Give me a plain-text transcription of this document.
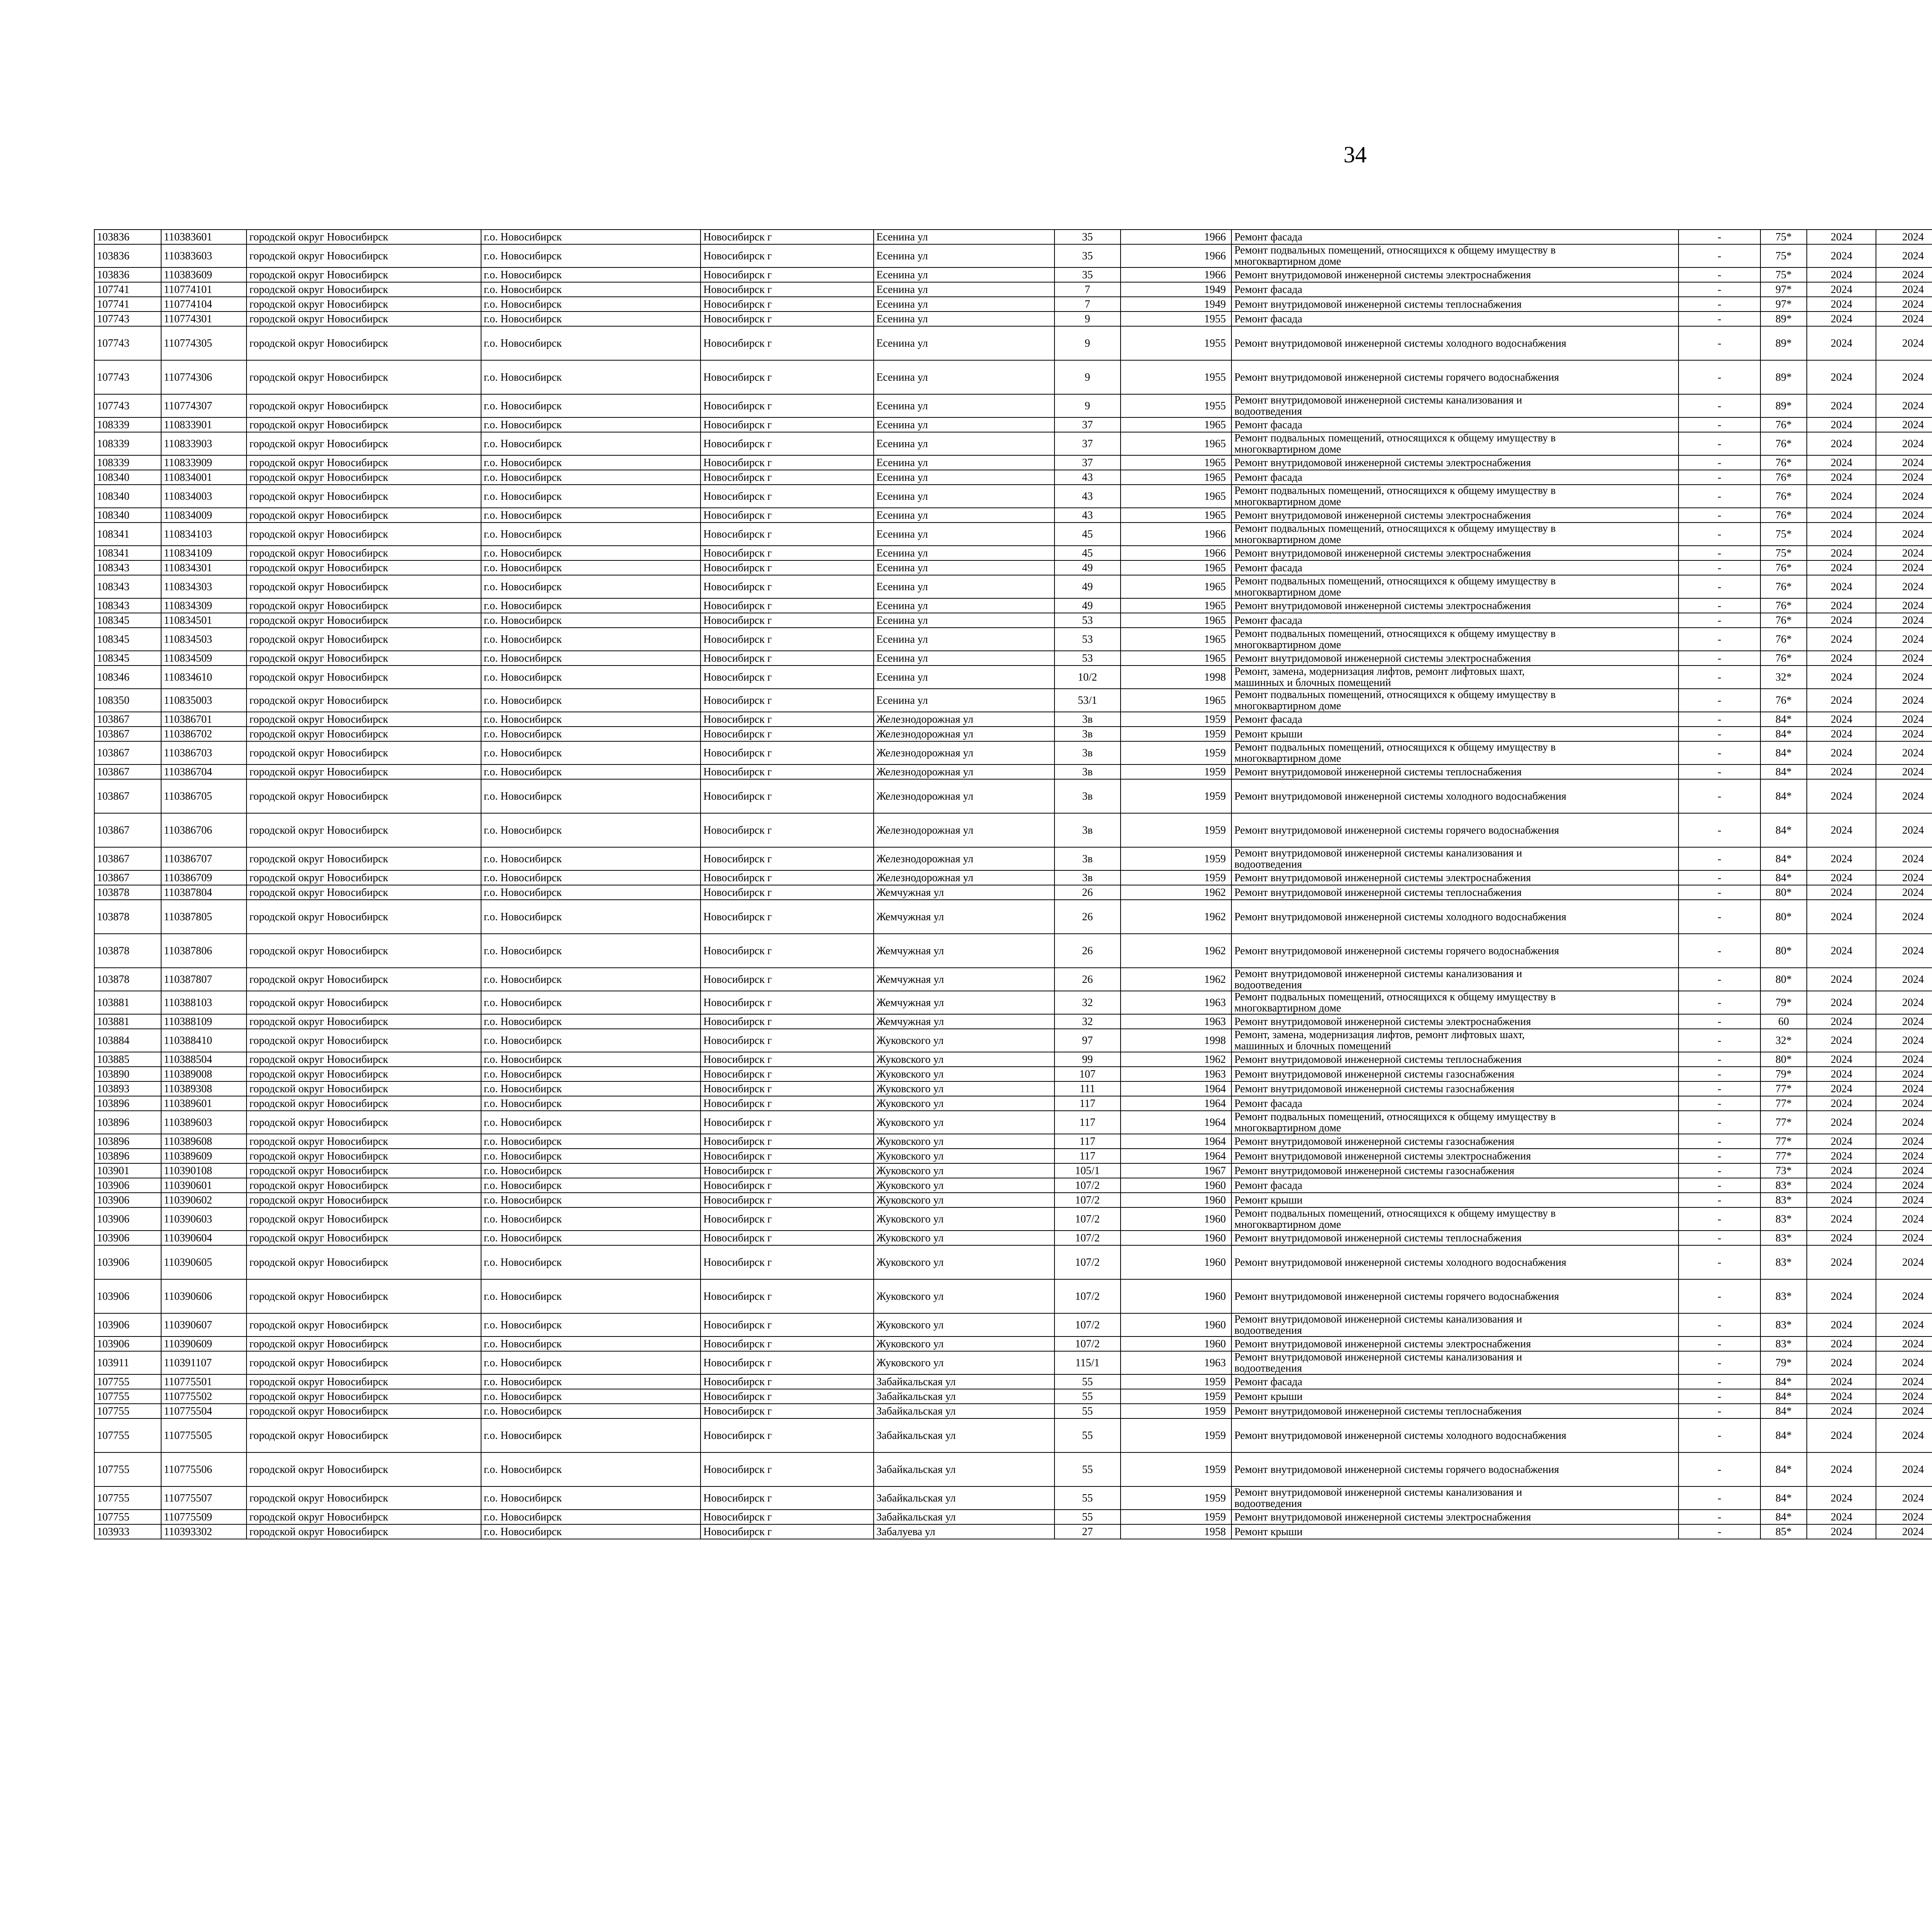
34
103836	110383601	городской округ Новосибирск	г.о. Новосибирск	Новосибирск г	Есенина ул	35	1966	Ремонт фасада	-	75*	2024	2024					
103836	110383603	городской округ Новосибирск	г.о. Новосибирск	Новосибирск г	Есенина ул	35	1966	Ремонт подвальных помещений, относящихся к общему имуществу в
многоквартирном доме	-	75*	2024	2024					
103836	110383609	городской округ Новосибирск	г.о. Новосибирск	Новосибирск г	Есенина ул	35	1966	Ремонт внутридомовой инженерной системы электроснабжения	-	75*	2024	2024					
107741	110774101	городской округ Новосибирск	г.о. Новосибирск	Новосибирск г	Есенина ул	7	1949	Ремонт фасада	-	97*	2024	2024					
107741	110774104	городской округ Новосибирск	г.о. Новосибирск	Новосибирск г	Есенина ул	7	1949	Ремонт внутридомовой инженерной системы теплоснабжения	-	97*	2024	2024					
107743	110774301	городской округ Новосибирск	г.о. Новосибирск	Новосибирск г	Есенина ул	9	1955	Ремонт фасада	-	89*	2024	2024					
107743	110774305	городской округ Новосибирск	г.о. Новосибирск	Новосибирск г	Есенина ул	9	1955	Ремонт внутридомовой инженерной системы холодного водоснабжения	-	89*	2024	2024					
107743	110774306	городской округ Новосибирск	г.о. Новосибирск	Новосибирск г	Есенина ул	9	1955	Ремонт внутридомовой инженерной системы горячего водоснабжения	-	89*	2024	2024					
107743	110774307	городской округ Новосибирск	г.о. Новосибирск	Новосибирск г	Есенина ул	9	1955	Ремонт внутридомовой инженерной системы канализования и
водоотведения	-	89*	2024	2024					
108339	110833901	городской округ Новосибирск	г.о. Новосибирск	Новосибирск г	Есенина ул	37	1965	Ремонт фасада	-	76*	2024	2024					
108339	110833903	городской округ Новосибирск	г.о. Новосибирск	Новосибирск г	Есенина ул	37	1965	Ремонт подвальных помещений, относящихся к общему имуществу в
многоквартирном доме	-	76*	2024	2024					
108339	110833909	городской округ Новосибирск	г.о. Новосибирск	Новосибирск г	Есенина ул	37	1965	Ремонт внутридомовой инженерной системы электроснабжения	-	76*	2024	2024					
108340	110834001	городской округ Новосибирск	г.о. Новосибирск	Новосибирск г	Есенина ул	43	1965	Ремонт фасада	-	76*	2024	2024					
108340	110834003	городской округ Новосибирск	г.о. Новосибирск	Новосибирск г	Есенина ул	43	1965	Ремонт подвальных помещений, относящихся к общему имуществу в
многоквартирном доме	-	76*	2024	2024					
108340	110834009	городской округ Новосибирск	г.о. Новосибирск	Новосибирск г	Есенина ул	43	1965	Ремонт внутридомовой инженерной системы электроснабжения	-	76*	2024	2024					
108341	110834103	городской округ Новосибирск	г.о. Новосибирск	Новосибирск г	Есенина ул	45	1966	Ремонт подвальных помещений, относящихся к общему имуществу в
многоквартирном доме	-	75*	2024	2024					
108341	110834109	городской округ Новосибирск	г.о. Новосибирск	Новосибирск г	Есенина ул	45	1966	Ремонт внутридомовой инженерной системы электроснабжения	-	75*	2024	2024					
108343	110834301	городской округ Новосибирск	г.о. Новосибирск	Новосибирск г	Есенина ул	49	1965	Ремонт фасада	-	76*	2024	2024					
108343	110834303	городской округ Новосибирск	г.о. Новосибирск	Новосибирск г	Есенина ул	49	1965	Ремонт подвальных помещений, относящихся к общему имуществу в
многоквартирном доме	-	76*	2024	2024					
108343	110834309	городской округ Новосибирск	г.о. Новосибирск	Новосибирск г	Есенина ул	49	1965	Ремонт внутридомовой инженерной системы электроснабжения	-	76*	2024	2024					
108345	110834501	городской округ Новосибирск	г.о. Новосибирск	Новосибирск г	Есенина ул	53	1965	Ремонт фасада	-	76*	2024	2024					
108345	110834503	городской округ Новосибирск	г.о. Новосибирск	Новосибирск г	Есенина ул	53	1965	Ремонт подвальных помещений, относящихся к общему имуществу в
многоквартирном доме	-	76*	2024	2024					
108345	110834509	городской округ Новосибирск	г.о. Новосибирск	Новосибирск г	Есенина ул	53	1965	Ремонт внутридомовой инженерной системы электроснабжения	-	76*	2024	2024					
108346	110834610	городской округ Новосибирск	г.о. Новосибирск	Новосибирск г	Есенина ул	10/2	1998	Ремонт, замена, модернизация лифтов, ремонт лифтовых шахт,
машинных и блочных помещений	-	32*	2024	2024					
108350	110835003	городской округ Новосибирск	г.о. Новосибирск	Новосибирск г	Есенина ул	53/1	1965	Ремонт подвальных помещений, относящихся к общему имуществу в
многоквартирном доме	-	76*	2024	2024					
103867	110386701	городской округ Новосибирск	г.о. Новосибирск	Новосибирск г	Железнодорожная ул	3в	1959	Ремонт фасада	-	84*	2024	2024					
103867	110386702	городской округ Новосибирск	г.о. Новосибирск	Новосибирск г	Железнодорожная ул	3в	1959	Ремонт крыши	-	84*	2024	2024					
103867	110386703	городской округ Новосибирск	г.о. Новосибирск	Новосибирск г	Железнодорожная ул	3в	1959	Ремонт подвальных помещений, относящихся к общему имуществу в
многоквартирном доме	-	84*	2024	2024					
103867	110386704	городской округ Новосибирск	г.о. Новосибирск	Новосибирск г	Железнодорожная ул	3в	1959	Ремонт внутридомовой инженерной системы теплоснабжения	-	84*	2024	2024					
103867	110386705	городской округ Новосибирск	г.о. Новосибирск	Новосибирск г	Железнодорожная ул	3в	1959	Ремонт внутридомовой инженерной системы холодного водоснабжения	-	84*	2024	2024					
103867	110386706	городской округ Новосибирск	г.о. Новосибирск	Новосибирск г	Железнодорожная ул	3в	1959	Ремонт внутридомовой инженерной системы горячего водоснабжения	-	84*	2024	2024					
103867	110386707	городской округ Новосибирск	г.о. Новосибирск	Новосибирск г	Железнодорожная ул	3в	1959	Ремонт внутридомовой инженерной системы канализования и
водоотведения	-	84*	2024	2024					
103867	110386709	городской округ Новосибирск	г.о. Новосибирск	Новосибирск г	Железнодорожная ул	3в	1959	Ремонт внутридомовой инженерной системы электроснабжения	-	84*	2024	2024					
103878	110387804	городской округ Новосибирск	г.о. Новосибирск	Новосибирск г	Жемчужная ул	26	1962	Ремонт внутридомовой инженерной системы теплоснабжения	-	80*	2024	2024					
103878	110387805	городской округ Новосибирск	г.о. Новосибирск	Новосибирск г	Жемчужная ул	26	1962	Ремонт внутридомовой инженерной системы холодного водоснабжения	-	80*	2024	2024					
103878	110387806	городской округ Новосибирск	г.о. Новосибирск	Новосибирск г	Жемчужная ул	26	1962	Ремонт внутридомовой инженерной системы горячего водоснабжения	-	80*	2024	2024					
103878	110387807	городской округ Новосибирск	г.о. Новосибирск	Новосибирск г	Жемчужная ул	26	1962	Ремонт внутридомовой инженерной системы канализования и
водоотведения	-	80*	2024	2024					
103881	110388103	городской округ Новосибирск	г.о. Новосибирск	Новосибирск г	Жемчужная ул	32	1963	Ремонт подвальных помещений, относящихся к общему имуществу в
многоквартирном доме	-	79*	2024	2024					
103881	110388109	городской округ Новосибирск	г.о. Новосибирск	Новосибирск г	Жемчужная ул	32	1963	Ремонт внутридомовой инженерной системы электроснабжения	-	60	2024	2024					
103884	110388410	городской округ Новосибирск	г.о. Новосибирск	Новосибирск г	Жуковского ул	97	1998	Ремонт, замена, модернизация лифтов, ремонт лифтовых шахт,
машинных и блочных помещений	-	32*	2024	2024					
103885	110388504	городской округ Новосибирск	г.о. Новосибирск	Новосибирск г	Жуковского ул	99	1962	Ремонт внутридомовой инженерной системы теплоснабжения	-	80*	2024	2024					
103890	110389008	городской округ Новосибирск	г.о. Новосибирск	Новосибирск г	Жуковского ул	107	1963	Ремонт внутридомовой инженерной системы газоснабжения	-	79*	2024	2024					
103893	110389308	городской округ Новосибирск	г.о. Новосибирск	Новосибирск г	Жуковского ул	111	1964	Ремонт внутридомовой инженерной системы газоснабжения	-	77*	2024	2024					
103896	110389601	городской округ Новосибирск	г.о. Новосибирск	Новосибирск г	Жуковского ул	117	1964	Ремонт фасада	-	77*	2024	2024					
103896	110389603	городской округ Новосибирск	г.о. Новосибирск	Новосибирск г	Жуковского ул	117	1964	Ремонт подвальных помещений, относящихся к общему имуществу в
многоквартирном доме	-	77*	2024	2024					
103896	110389608	городской округ Новосибирск	г.о. Новосибирск	Новосибирск г	Жуковского ул	117	1964	Ремонт внутридомовой инженерной системы газоснабжения	-	77*	2024	2024					
103896	110389609	городской округ Новосибирск	г.о. Новосибирск	Новосибирск г	Жуковского ул	117	1964	Ремонт внутридомовой инженерной системы электроснабжения	-	77*	2024	2024					
103901	110390108	городской округ Новосибирск	г.о. Новосибирск	Новосибирск г	Жуковского ул	105/1	1967	Ремонт внутридомовой инженерной системы газоснабжения	-	73*	2024	2024					
103906	110390601	городской округ Новосибирск	г.о. Новосибирск	Новосибирск г	Жуковского ул	107/2	1960	Ремонт фасада	-	83*	2024	2024					
103906	110390602	городской округ Новосибирск	г.о. Новосибирск	Новосибирск г	Жуковского ул	107/2	1960	Ремонт крыши	-	83*	2024	2024					
103906	110390603	городской округ Новосибирск	г.о. Новосибирск	Новосибирск г	Жуковского ул	107/2	1960	Ремонт подвальных помещений, относящихся к общему имуществу в
многоквартирном доме	-	83*	2024	2024					
103906	110390604	городской округ Новосибирск	г.о. Новосибирск	Новосибирск г	Жуковского ул	107/2	1960	Ремонт внутридомовой инженерной системы теплоснабжения	-	83*	2024	2024					
103906	110390605	городской округ Новосибирск	г.о. Новосибирск	Новосибирск г	Жуковского ул	107/2	1960	Ремонт внутридомовой инженерной системы холодного водоснабжения	-	83*	2024	2024					
103906	110390606	городской округ Новосибирск	г.о. Новосибирск	Новосибирск г	Жуковского ул	107/2	1960	Ремонт внутридомовой инженерной системы горячего водоснабжения	-	83*	2024	2024					
103906	110390607	городской округ Новосибирск	г.о. Новосибирск	Новосибирск г	Жуковского ул	107/2	1960	Ремонт внутридомовой инженерной системы канализования и
водоотведения	-	83*	2024	2024					
103906	110390609	городской округ Новосибирск	г.о. Новосибирск	Новосибирск г	Жуковского ул	107/2	1960	Ремонт внутридомовой инженерной системы электроснабжения	-	83*	2024	2024					
103911	110391107	городской округ Новосибирск	г.о. Новосибирск	Новосибирск г	Жуковского ул	115/1	1963	Ремонт внутридомовой инженерной системы канализования и
водоотведения	-	79*	2024	2024					
107755	110775501	городской округ Новосибирск	г.о. Новосибирск	Новосибирск г	Забайкальская ул	55	1959	Ремонт фасада	-	84*	2024	2024					
107755	110775502	городской округ Новосибирск	г.о. Новосибирск	Новосибирск г	Забайкальская ул	55	1959	Ремонт крыши	-	84*	2024	2024					
107755	110775504	городской округ Новосибирск	г.о. Новосибирск	Новосибирск г	Забайкальская ул	55	1959	Ремонт внутридомовой инженерной системы теплоснабжения	-	84*	2024	2024					
107755	110775505	городской округ Новосибирск	г.о. Новосибирск	Новосибирск г	Забайкальская ул	55	1959	Ремонт внутридомовой инженерной системы холодного водоснабжения	-	84*	2024	2024					
107755	110775506	городской округ Новосибирск	г.о. Новосибирск	Новосибирск г	Забайкальская ул	55	1959	Ремонт внутридомовой инженерной системы горячего водоснабжения	-	84*	2024	2024					
107755	110775507	городской округ Новосибирск	г.о. Новосибирск	Новосибирск г	Забайкальская ул	55	1959	Ремонт внутридомовой инженерной системы канализования и
водоотведения	-	84*	2024	2024					
107755	110775509	городской округ Новосибирск	г.о. Новосибирск	Новосибирск г	Забайкальская ул	55	1959	Ремонт внутридомовой инженерной системы электроснабжения	-	84*	2024	2024					
103933	110393302	городской округ Новосибирск	г.о. Новосибирск	Новосибирск г	Забалуева ул	27	1958	Ремонт крыши	-	85*	2024	2024					
